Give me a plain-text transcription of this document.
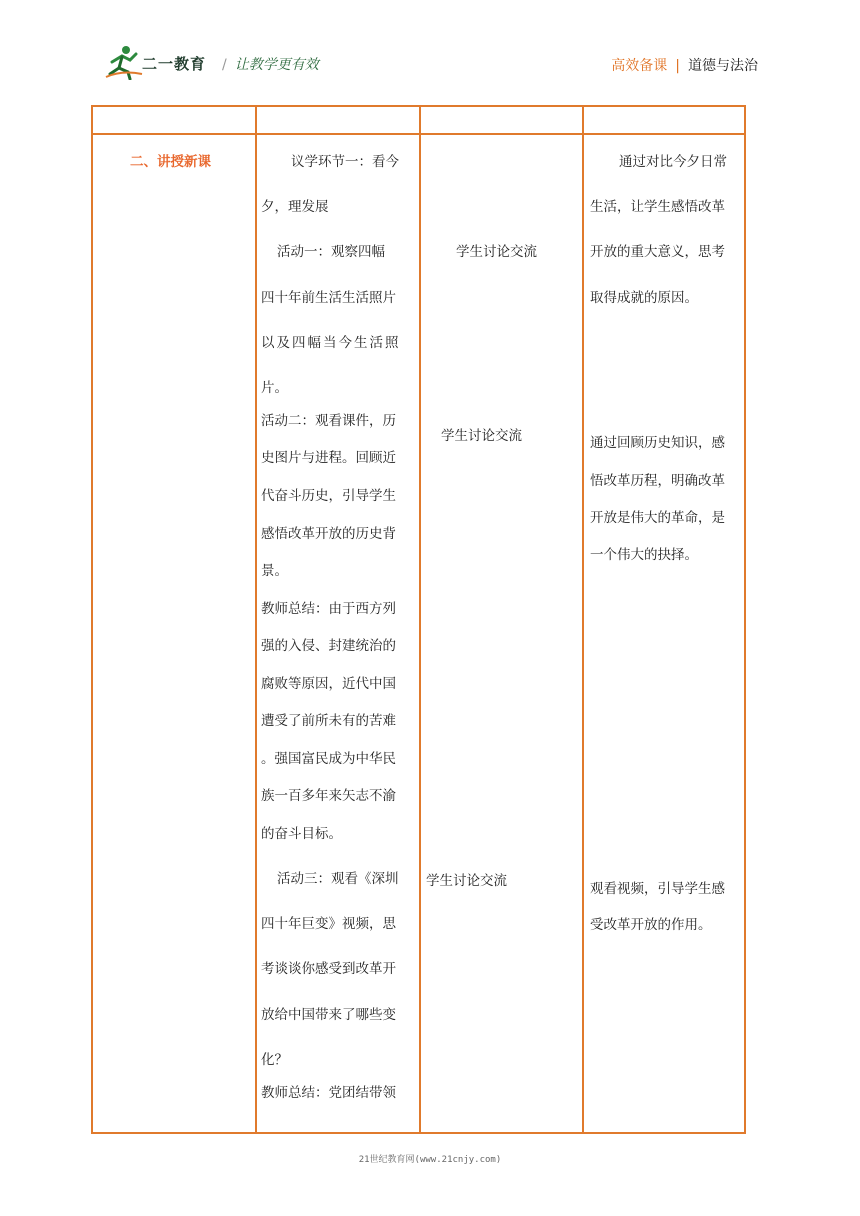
二一教育 / 让教学更有效	高效备课 | 道德与法治
二、讲授新课	议学环节一：看今
夕，理发展
活动一：观察四幅
四十年前生活生活照片
以及四幅当今生活照
片。
活动二：观看课件，历
史图片与进程。回顾近
代奋斗历史，引导学生
感悟改革开放的历史背
景。
教师总结：由于西方列
强的入侵、封建统治的
腐败等原因，近代中国
遭受了前所未有的苦难
。强国富民成为中华民
族一百多年来矢志不渝
的奋斗目标。
活动三：观看《深圳
四十年巨变》视频，思
考谈谈你感受到改革开
放给中国带来了哪些变
化？
教师总结：党团结带领
学生讨论交流
学生讨论交流
学生讨论交流
通过对比今夕日常
生活，让学生感悟改革
开放的重大意义，思考
取得成就的原因。
通过回顾历史知识，感
悟改革历程，明确改革
开放是伟大的革命，是
一个伟大的抉择。
观看视频，引导学生感
受改革开放的作用。
21世纪教育网(www.21cnjy.com)
